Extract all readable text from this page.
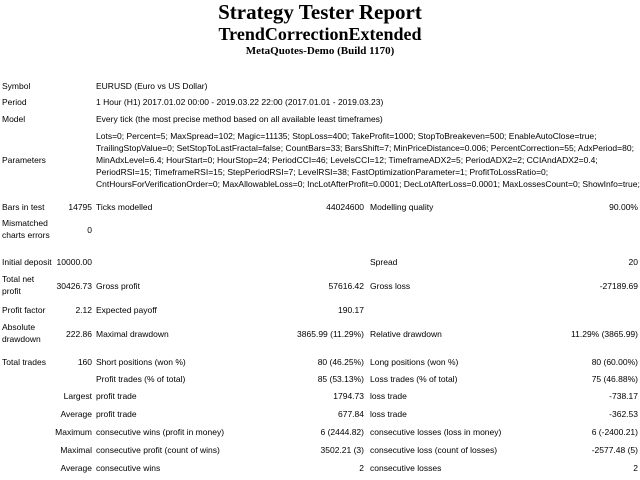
Strategy Tester Report
TrendCorrectionExtended
MetaQuotes-Demo (Build 1170)
Symbol	EURUSD (Euro vs US Dollar)
Period	1 Hour (H1) 2017.01.02 00:00 - 2019.03.22 22:00 (2017.01.01 - 2019.03.23)
Model	Every tick (the most precise method based on all available least timeframes)
Parameters
Lots=0; Percent=5; MaxSpread=102; Magic=11135; StopLoss=400; TakeProfit=1000; StopToBreakeven=500; EnableAutoClose=true;
TrailingStopValue=0; SetStopToLastFractal=false; CountBars=33; BarsShift=7; MinPriceDistance=0.006; PercentCorrection=55; AdxPeriod=80;
MinAdxLevel=6.4; HourStart=0; HourStop=24; PeriodCCI=46; LevelsCCI=12; TimeframeADX2=5; PeriodADX2=2; CCIAndADX2=0.4;
PeriodRSI=15; TimeframeRSI=15; StepPeriodRSI=7; LevelRSI=38; FastOptimizationParameter=1; ProfitToLossRatio=0;
CntHoursForVerificationOrder=0; MaxAllowableLoss=0; IncLotAfterProfit=0.0001; DecLotAfterLoss=0.0001; MaxLossesCount=0; ShowInfo=true;
Bars in test	14795 Ticks modelled	44024600 Modelling quality	90.00%
Mismatched
charts errors	0
Initial deposit 10000.00	Spread	20
Total net
profit	30426.73 Gross profit	57616.42 Gross loss	-27189.69
Profit factor	2.12 Expected payoff	190.17
Absolute
drawdown	222.86 Maximal drawdown	3865.99 (11.29%) Relative drawdown	11.29% (3865.99)
Total trades	160 Short positions (won %)	80 (46.25%) Long positions (won %)	80 (60.00%)
Profit trades (% of total)	85 (53.13%) Loss trades (% of total)	75 (46.88%)
Largest profit trade	1794.73 loss trade	-738.17
Average profit trade	677.84 loss trade	-362.53
Maximum consecutive wins (profit in money)	6 (2444.82) consecutive losses (loss in money)	6 (-2400.21)
Maximal consecutive profit (count of wins)	3502.21 (3) consecutive loss (count of losses)	-2577.48 (5)
Average consecutive wins	2 consecutive losses	2
